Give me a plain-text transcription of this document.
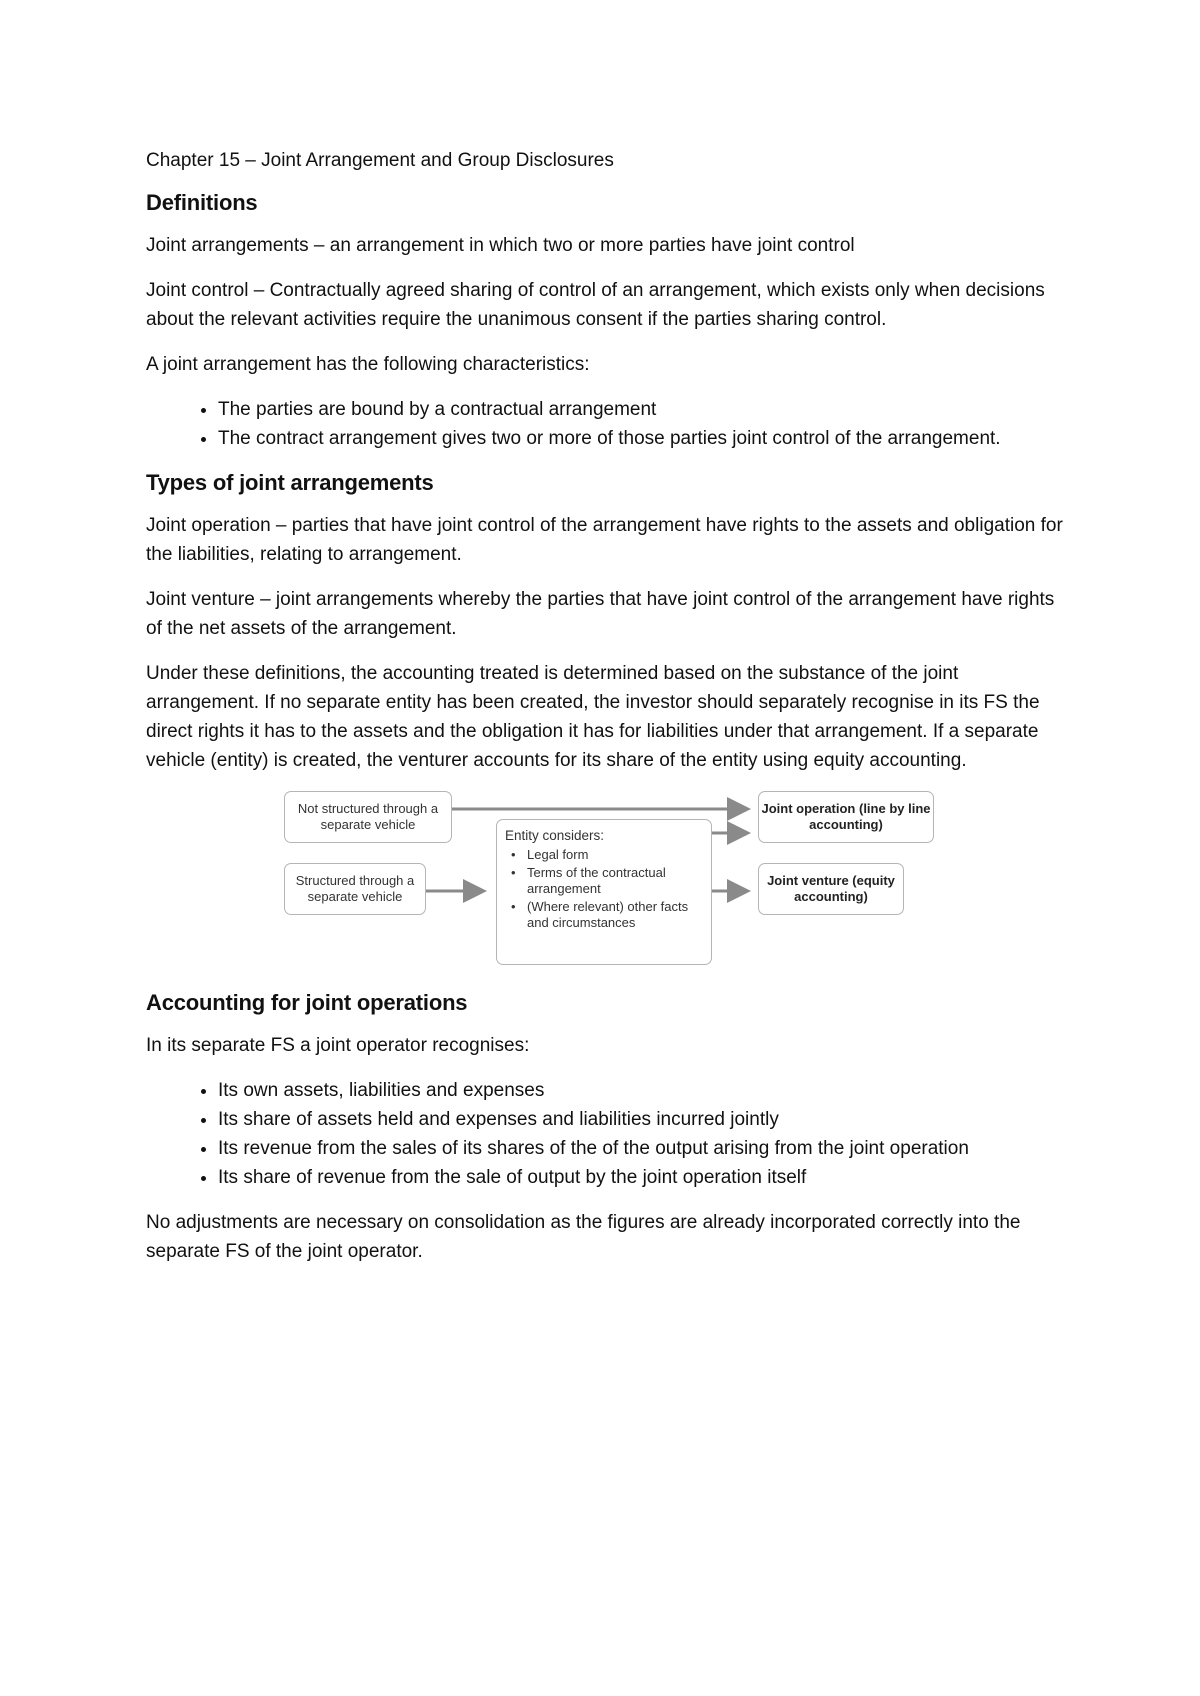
Chapter 15 – Joint Arrangement and Group Disclosures

Definitions

Joint arrangements – an arrangement in which two or more parties have joint control

Joint control – Contractually agreed sharing of control of an arrangement, which exists only when decisions about the relevant activities require the unanimous consent if the parties sharing control.

A joint arrangement has the following characteristics:

• The parties are bound by a contractual arrangement
• The contract arrangement gives two or more of those parties joint control of the arrangement.
Types of joint arrangements

Joint operation – parties that have joint control of the arrangement have rights to the assets and obligation for the liabilities, relating to arrangement.

Joint venture – joint arrangements whereby the parties that have joint control of the arrangement have rights of the net assets of the arrangement.

Under these definitions, the accounting treated is determined based on the substance of the joint arrangement. If no separate entity has been created, the investor should separately recognise in its FS the direct rights it has to the assets and the obligation it has for liabilities under that arrangement. If a separate vehicle (entity) is created, the venturer accounts for its share of the entity using equity accounting.

Not structured through a separate vehicle
Structured through a separate vehicle
Entity considers:
• Legal form
• Terms of the contractual arrangement
• (Where relevant) other facts and circumstances
Joint operation (line by line accounting)
Joint venture (equity accounting)
Accounting for joint operations

In its separate FS a joint operator recognises:

• Its own assets, liabilities and expenses
• Its share of assets held and expenses and liabilities incurred jointly
• Its revenue from the sales of its shares of the of the output arising from the joint operation
• Its share of revenue from the sale of output by the joint operation itself

No adjustments are necessary on consolidation as the figures are already incorporated correctly into the separate FS of the joint operator.
